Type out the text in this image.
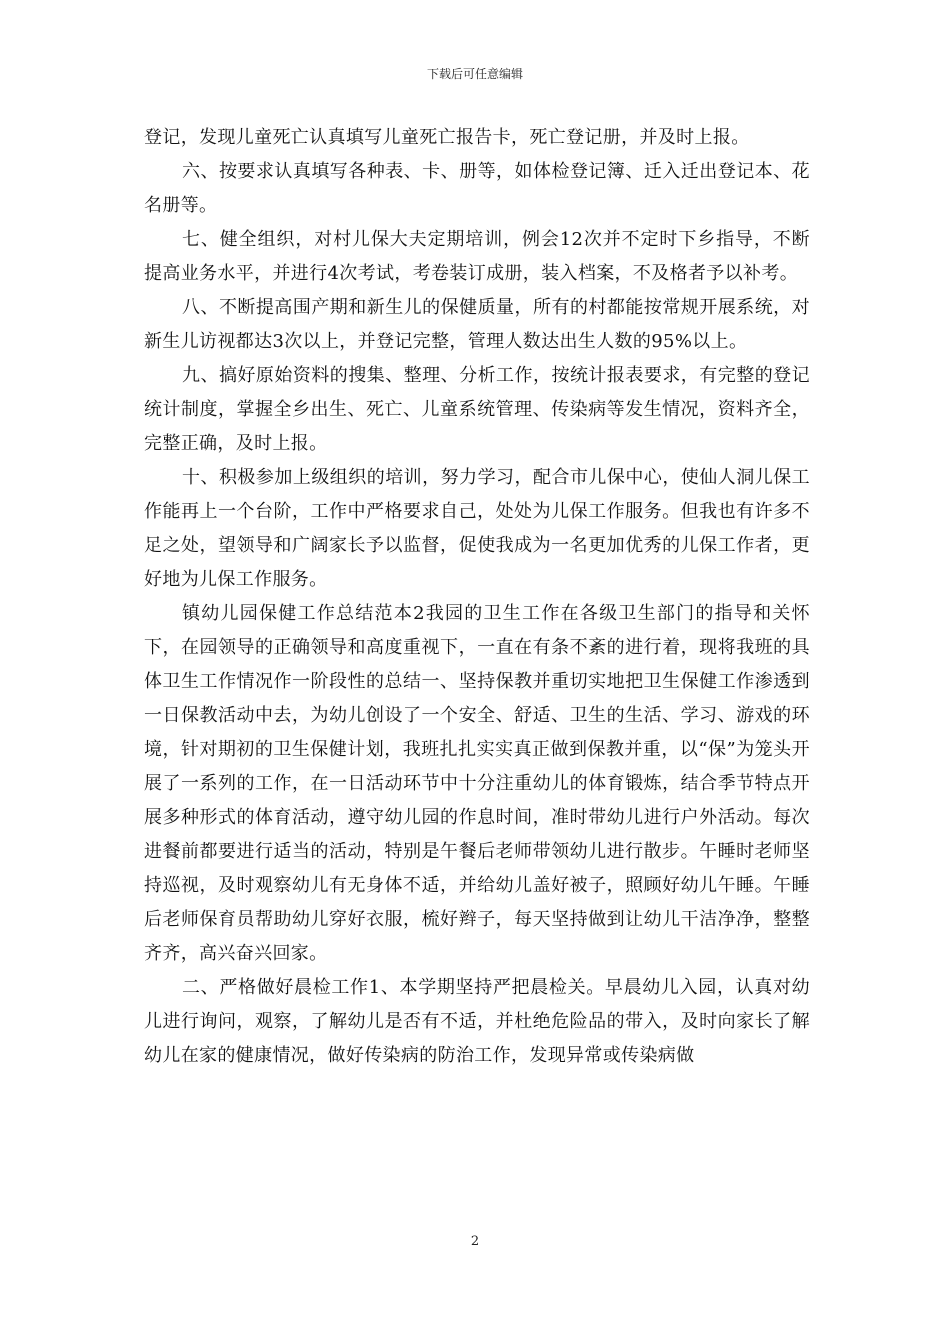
下载后可任意编辑

登记，发现儿童死亡认真填写儿童死亡报告卡，死亡登记册，并及时上报。

六、按要求认真填写各种表、卡、册等，如体检登记簿、迁入迁出登记本、花名册等。

七、健全组织，对村儿保大夫定期培训，例会12次并不定时下乡指导，不断提高业务水平，并进行4次考试，考卷装订成册，装入档案，不及格者予以补考。

八、不断提高围产期和新生儿的保健质量，所有的村都能按常规开展系统，对新生儿访视都达3次以上，并登记完整，管理人数达出生人数的95%以上。

九、搞好原始资料的搜集、整理、分析工作，按统计报表要求，有完整的登记统计制度，掌握全乡出生、死亡、儿童系统管理、传染病等发生情况，资料齐全，完整正确，及时上报。

十、积极参加上级组织的培训，努力学习，配合市儿保中心，使仙人洞儿保工作能再上一个台阶，工作中严格要求自己，处处为儿保工作服务。但我也有许多不足之处，望领导和广阔家长予以监督，促使我成为一名更加优秀的儿保工作者，更好地为儿保工作服务。

镇幼儿园保健工作总结范本2我园的卫生工作在各级卫生部门的指导和关怀下，在园领导的正确领导和高度重视下，一直在有条不紊的进行着，现将我班的具体卫生工作情况作一阶段性的总结一、坚持保教并重切实地把卫生保健工作渗透到一日保教活动中去，为幼儿创设了一个安全、舒适、卫生的生活、学习、游戏的环境，针对期初的卫生保健计划，我班扎扎实实真正做到保教并重，以“保”为笼头开展了一系列的工作，在一日活动环节中十分注重幼儿的体育锻炼，结合季节特点开展多种形式的体育活动，遵守幼儿园的作息时间，准时带幼儿进行户外活动。每次进餐前都要进行适当的活动，特别是午餐后老师带领幼儿进行散步。午睡时老师坚持巡视，及时观察幼儿有无身体不适，并给幼儿盖好被子，照顾好幼儿午睡。午睡后老师保育员帮助幼儿穿好衣服，梳好辫子，每天坚持做到让幼儿干洁净净，整整齐齐，高兴奋兴回家。

二、严格做好晨检工作1、本学期坚持严把晨检关。早晨幼儿入园，认真对幼儿进行询问，观察，了解幼儿是否有不适，并杜绝危险品的带入，及时向家长了解幼儿在家的健康情况，做好传染病的防治工作，发现异常或传染病做

2
